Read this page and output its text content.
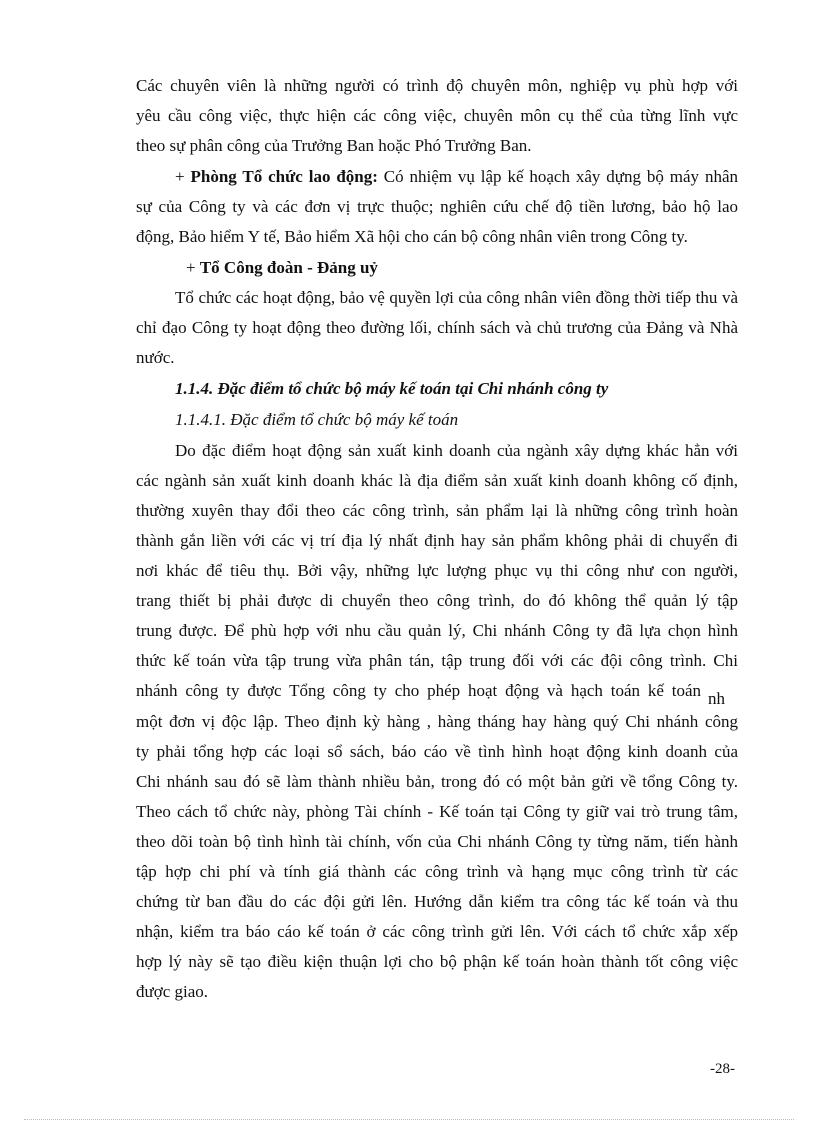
Các chuyên viên là những người có trình độ chuyên môn, nghiệp vụ phù hợp với
yêu cầu công việc, thực hiện các công việc, chuyên môn cụ thể của từng lĩnh vực
theo sự phân công của Trưởng Ban hoặc Phó Trưởng Ban.
+ Phòng Tổ chức lao động: Có nhiệm vụ lập kế hoạch xây dựng bộ máy nhân
sự của Công ty và các đơn vị trực thuộc; nghiên cứu chế độ tiền lương, bảo hộ lao
động, Bảo hiểm Y tế, Bảo hiểm Xã hội cho cán bộ công nhân viên trong Công ty.
+ Tổ Công đoàn - Đảng uỷ
Tổ chức các hoạt động, bảo vệ quyền lợi của công nhân viên đồng thời tiếp thu và
chỉ đạo Công ty hoạt động theo đường lối, chính sách và chủ trương của Đảng và Nhà
nước.
1.1.4. Đặc điểm tổ chức bộ máy kế toán tại Chi nhánh công ty
1.1.4.1. Đặc điểm tổ chức bộ máy kế toán
Do đặc điểm hoạt động sản xuất kinh doanh của ngành xây dựng khác hẳn với
các ngành sản xuất kinh doanh khác là địa điểm sản xuất kinh doanh không cố định,
thường xuyên thay đổi theo các công trình, sản phẩm lại là những công trình hoàn
thành gắn liền với các vị trí địa lý nhất định hay sản phẩm không phải di chuyển đi
nơi khác để tiêu thụ. Bởi vậy, những lực lượng phục vụ thi công như con người,
trang thiết bị phải được di chuyển theo công trình, do đó không thể quản lý tập
trung được. Để phù hợp với nhu cầu quản lý, Chi nhánh Công ty đã lựa chọn hình
thức kế toán vừa tập trung vừa phân tán, tập trung đối với các đội công trình. Chi
nhánh công ty được Tổng công ty cho phép hoạt động và hạch toán kế toán nh
một đơn vị độc lập. Theo định kỳ hàng , hàng tháng hay hàng quý Chi nhánh công
ty phải tổng hợp các loại sổ sách, báo cáo về tình hình hoạt động kinh doanh của
Chi nhánh sau đó sẽ làm thành nhiều bản, trong đó có một bản gửi về tổng Công ty.
Theo cách tổ chức này, phòng Tài chính - Kế toán tại Công ty giữ vai trò trung tâm,
theo dõi toàn bộ tình hình tài chính, vốn của Chi nhánh Công ty từng năm, tiến hành
tập hợp chi phí và tính giá thành các công trình và hạng mục công trình từ các
chứng từ ban đầu do các đội gửi lên. Hướng dẫn kiểm tra công tác kế toán và thu
nhận, kiểm tra báo cáo kế toán ở các công trình gửi lên. Với cách tổ chức xắp xếp
hợp lý này sẽ tạo điều kiện thuận lợi cho bộ phận kế toán hoàn thành tốt công việc
được giao.
-28-
